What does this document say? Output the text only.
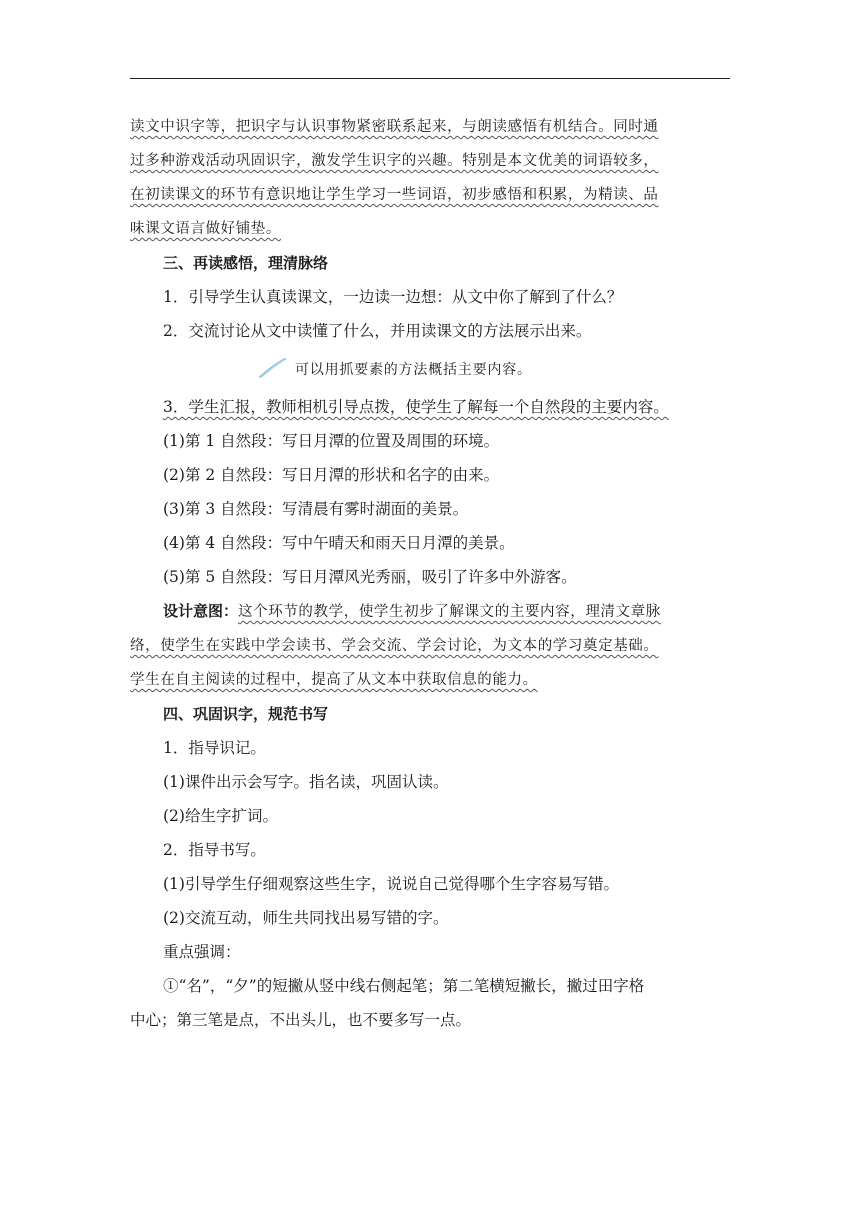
读文中识字等，把识字与认识事物紧密联系起来，与朗读感悟有机结合。同时通

过多种游戏活动巩固识字，激发学生识字的兴趣。特别是本文优美的词语较多，

在初读课文的环节有意识地让学生学习一些词语，初步感悟和积累，为精读、品

味课文语言做好铺垫。

三、再读感悟，理清脉络

1．引导学生认真读课文，一边读一边想：从文中你了解到了什么？

2．交流讨论从文中读懂了什么，并用读课文的方法展示出来。

可以用抓要素的方法概括主要内容。

3．学生汇报，教师相机引导点拨，使学生了解每一个自然段的主要内容。

(1)第 1 自然段：写日月潭的位置及周围的环境。

(2)第 2 自然段：写日月潭的形状和名字的由来。

(3)第 3 自然段：写清晨有雾时湖面的美景。

(4)第 4 自然段：写中午晴天和雨天日月潭的美景。

(5)第 5 自然段：写日月潭风光秀丽，吸引了许多中外游客。

设计意图：这个环节的教学，使学生初步了解课文的主要内容，理清文章脉

络，使学生在实践中学会读书、学会交流、学会讨论，为文本的学习奠定基础。

学生在自主阅读的过程中，提高了从文本中获取信息的能力。

四、巩固识字，规范书写

1．指导识记。

(1)课件出示会写字。指名读，巩固认读。

(2)给生字扩词。

2．指导书写。

(1)引导学生仔细观察这些生字，说说自己觉得哪个生字容易写错。

(2)交流互动，师生共同找出易写错的字。

重点强调：

①“名”，“夕”的短撇从竖中线右侧起笔；第二笔横短撇长，撇过田字格

中心；第三笔是点，不出头儿，也不要多写一点。
